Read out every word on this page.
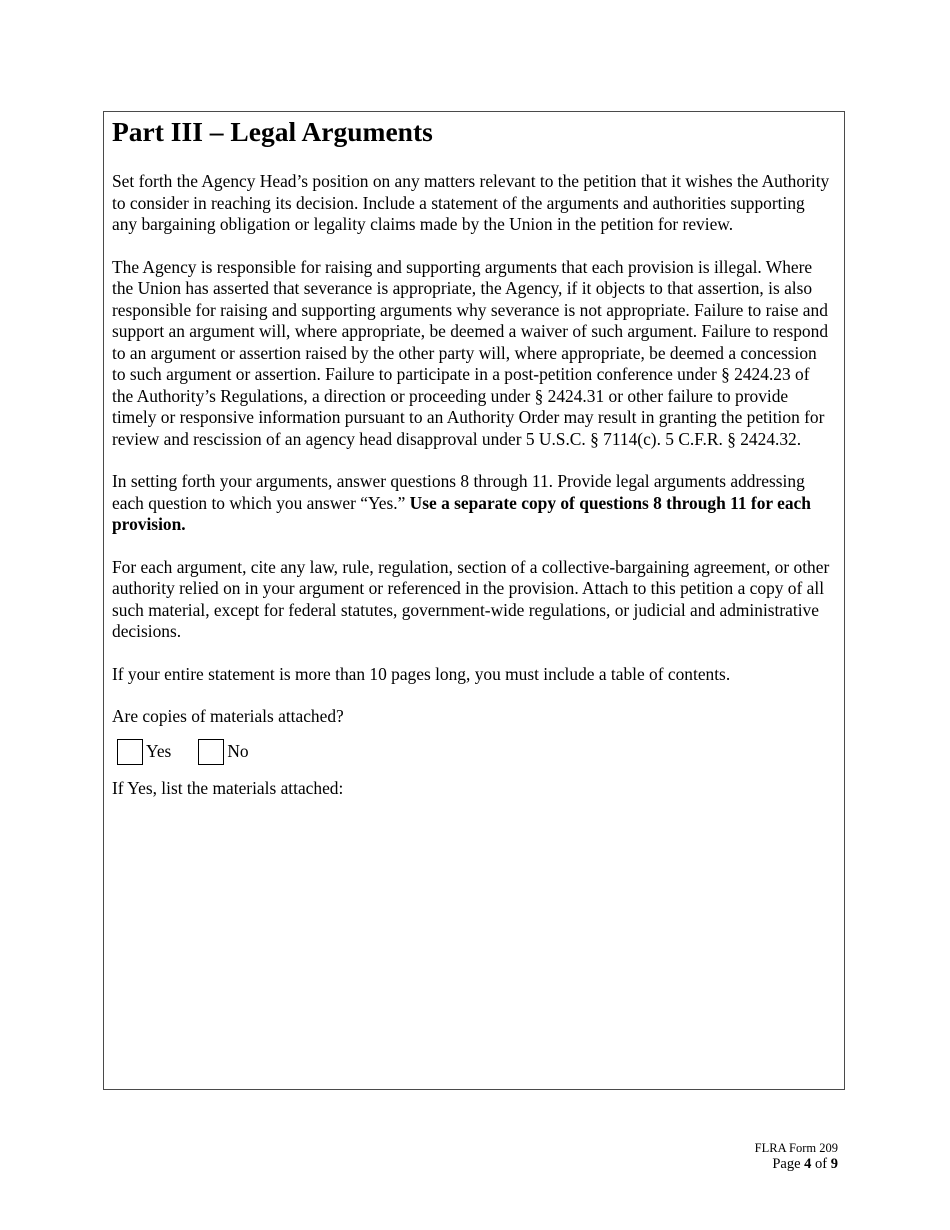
Part III – Legal Arguments

Set forth the Agency Head’s position on any matters relevant to the petition that it wishes the Authority to consider in reaching its decision. Include a statement of the arguments and authorities supporting any bargaining obligation or legality claims made by the Union in the petition for review.

The Agency is responsible for raising and supporting arguments that each provision is illegal. Where the Union has asserted that severance is appropriate, the Agency, if it objects to that assertion, is also responsible for raising and supporting arguments why severance is not appropriate. Failure to raise and support an argument will, where appropriate, be deemed a waiver of such argument. Failure to respond to an argument or assertion raised by the other party will, where appropriate, be deemed a concession to such argument or assertion. Failure to participate in a post-petition conference under § 2424.23 of the Authority’s Regulations, a direction or proceeding under § 2424.31 or other failure to provide timely or responsive information pursuant to an Authority Order may result in granting the petition for review and rescission of an agency head disapproval under 5 U.S.C. § 7114(c). 5 C.F.R. § 2424.32.

In setting forth your arguments, answer questions 8 through 11. Provide legal arguments addressing each question to which you answer “Yes.” Use a separate copy of questions 8 through 11 for each provision.

For each argument, cite any law, rule, regulation, section of a collective-bargaining agreement, or other authority relied on in your argument or referenced in the provision. Attach to this petition a copy of all such material, except for federal statutes, government-wide regulations, or judicial and administrative decisions.

If your entire statement is more than 10 pages long, you must include a table of contents.

Are copies of materials attached?

Yes	No

If Yes, list the materials attached:

FLRA Form 209
Page 4 of 9
